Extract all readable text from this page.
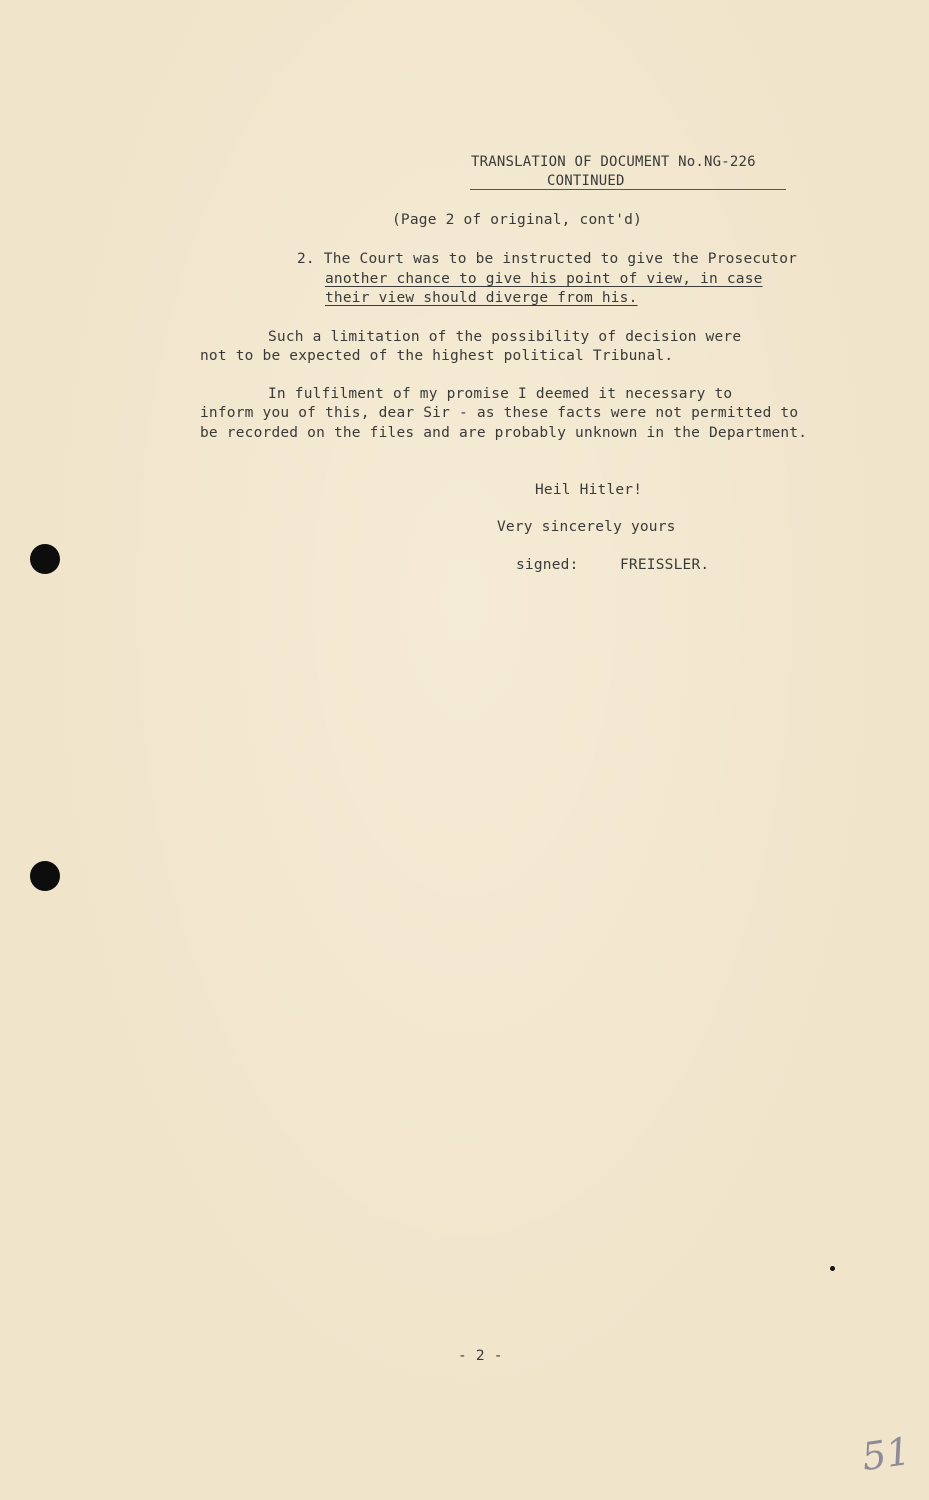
TRANSLATION OF DOCUMENT No.NG-226
CONTINUED
(Page 2 of original, cont'd)
2. The Court was to be instructed to give the Prosecutor
another chance to give his point of view, in case
their view should diverge from his.
Such a limitation of the possibility of decision were
not to be expected of the highest political Tribunal.
In fulfilment of my promise I deemed it necessary to
inform you of this, dear Sir - as these facts were not permitted to
be recorded on the files and are probably unknown in the Department.
Heil Hitler!
Very sincerely yours
signed:	FREISSLER.
- 2 -
51
